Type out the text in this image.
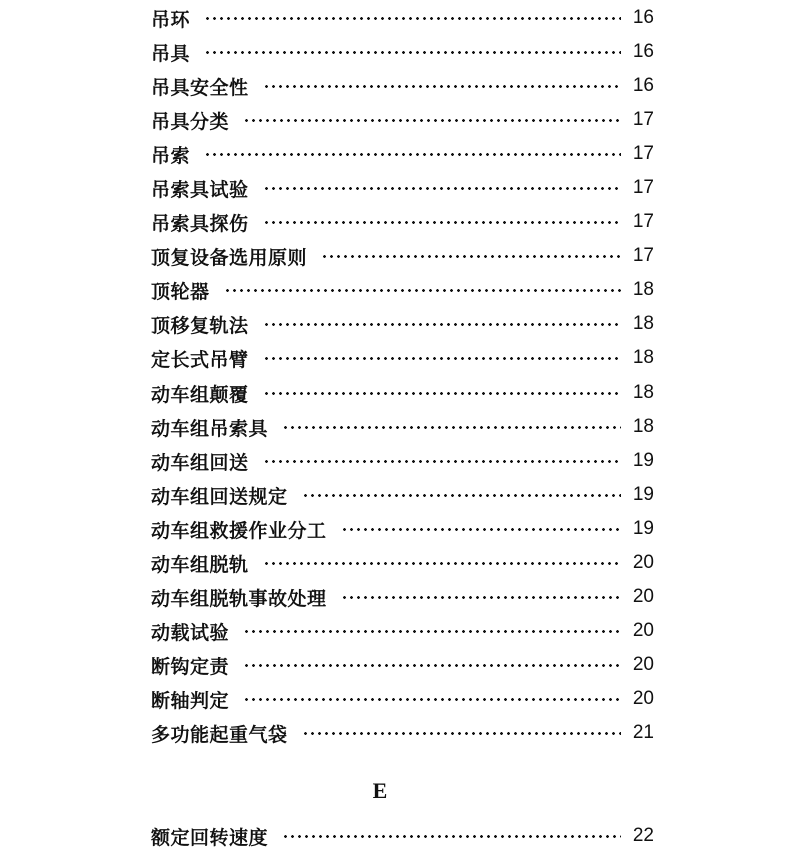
吊环	16
吊具	16
吊具安全性	16
吊具分类	17
吊索	17
吊索具试验	17
吊索具探伤	17
顶复设备选用原则	17
顶轮器	18
顶移复轨法	18
定长式吊臂	18
动车组颠覆	18
动车组吊索具	18
动车组回送	19
动车组回送规定	19
动车组救援作业分工	19
动车组脱轨	20
动车组脱轨事故处理	20
动载试验	20
断钩定责	20
断轴判定	20
多功能起重气袋	21
E
额定回转速度	22
